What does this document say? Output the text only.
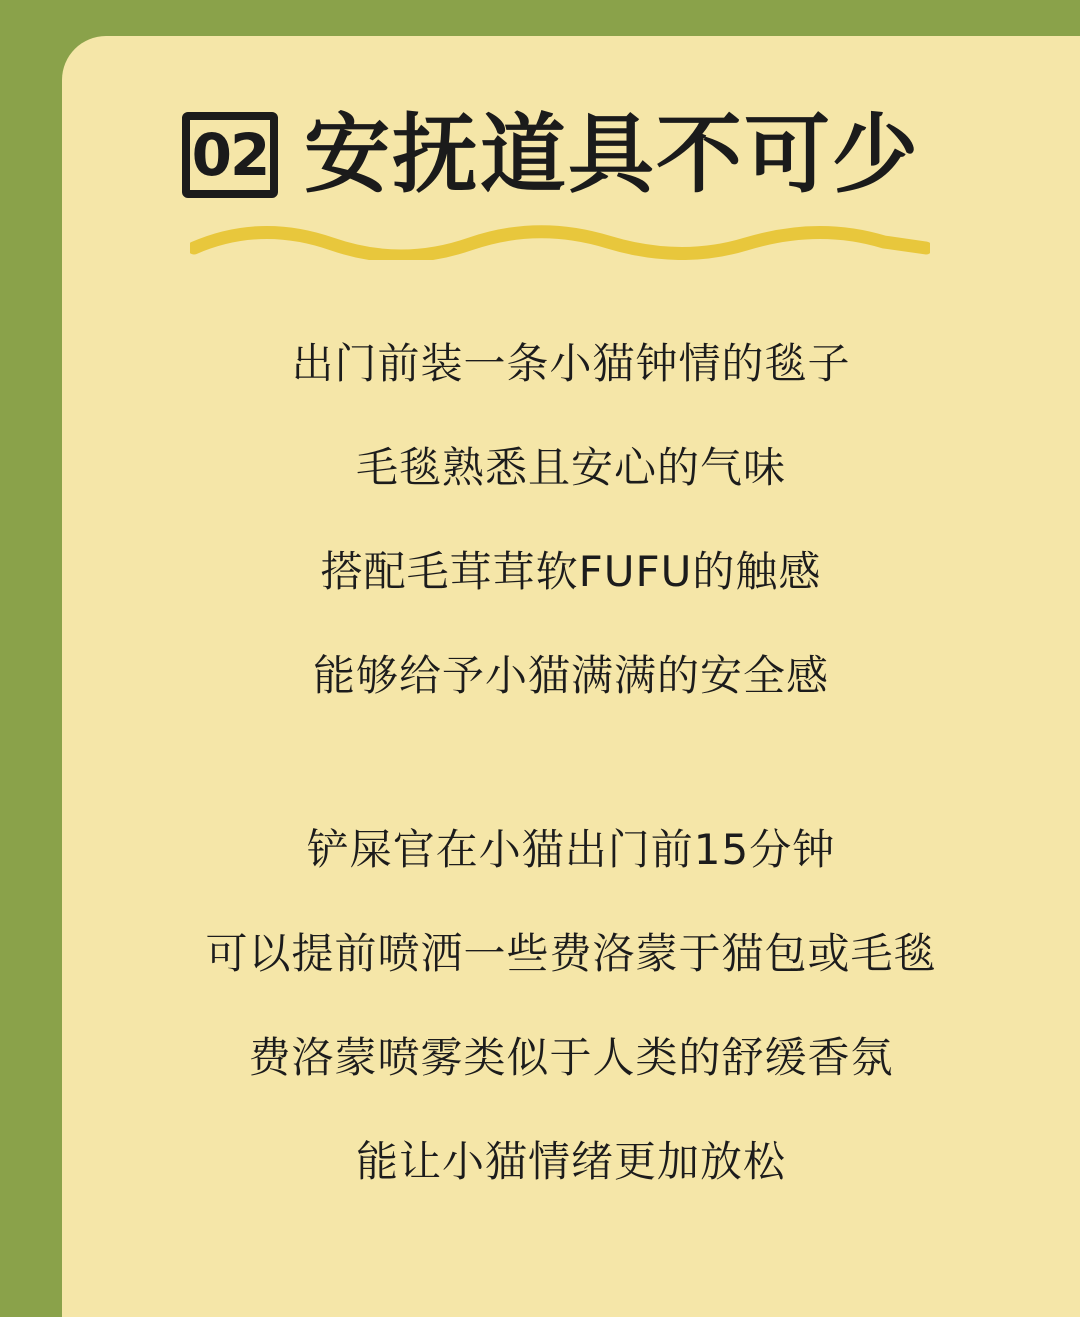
02 安抚道具不可少

出门前装一条小猫钟情的毯子

毛毯熟悉且安心的气味

搭配毛茸茸软FUFU的触感

能够给予小猫满满的安全感

铲屎官在小猫出门前15分钟

可以提前喷洒一些费洛蒙于猫包或毛毯

费洛蒙喷雾类似于人类的舒缓香氛

能让小猫情绪更加放松
